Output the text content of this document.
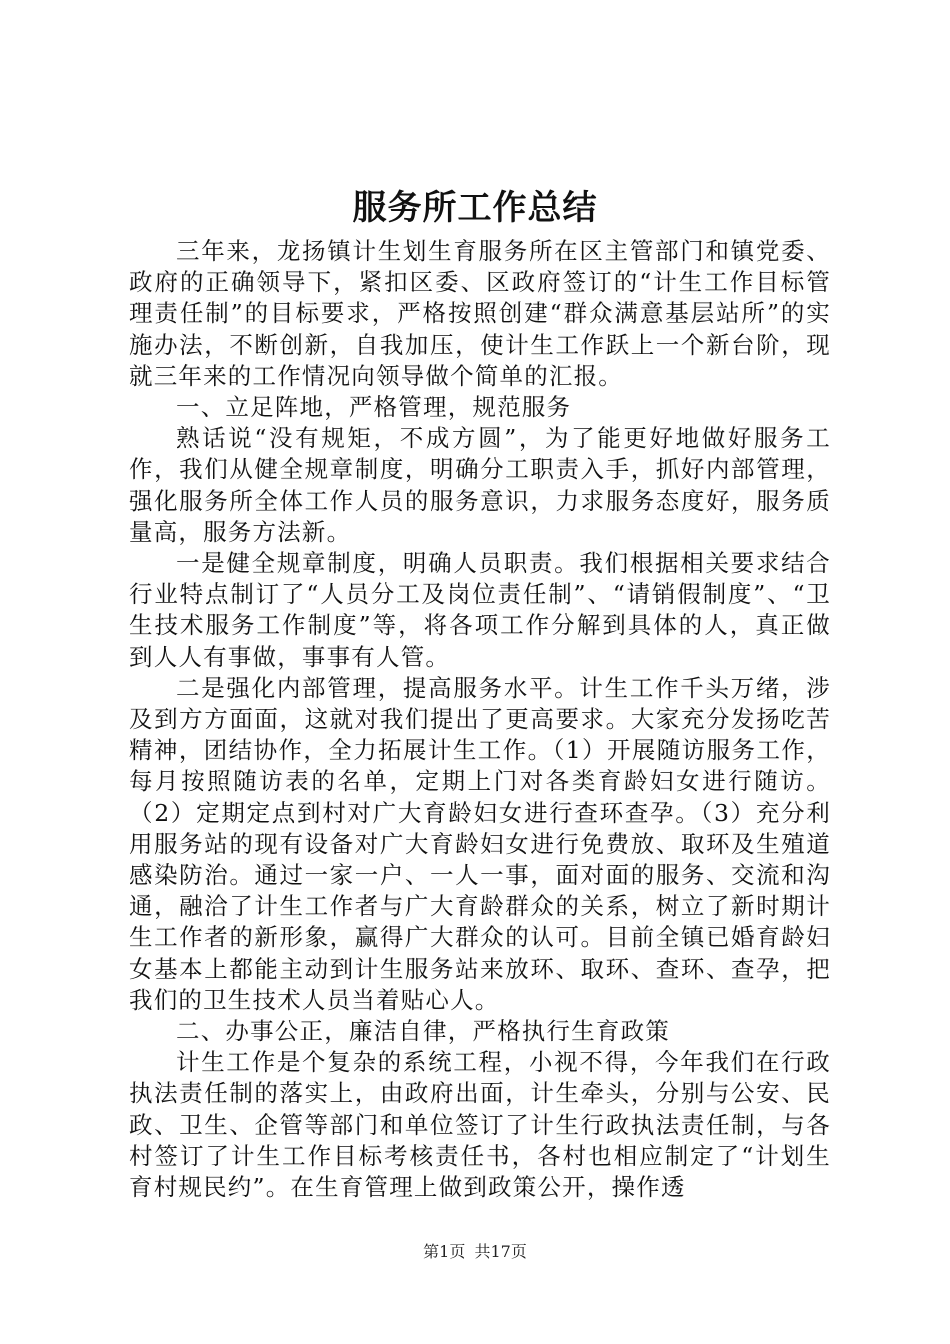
服务所工作总结

三年来，龙扬镇计生划生育服务所在区主管部门和镇党委、政府的正确领导下，紧扣区委、区政府签订的“计生工作目标管理责任制”的目标要求，严格按照创建“群众满意基层站所”的实施办法，不断创新，自我加压，使计生工作跃上一个新台阶，现就三年来的工作情况向领导做个简单的汇报。

一、立足阵地，严格管理，规范服务

熟话说“没有规矩，不成方圆”，为了能更好地做好服务工作，我们从健全规章制度，明确分工职责入手，抓好内部管理，强化服务所全体工作人员的服务意识，力求服务态度好，服务质量高，服务方法新。

一是健全规章制度，明确人员职责。我们根据相关要求结合行业特点制订了“人员分工及岗位责任制”、“请销假制度”、“卫生技术服务工作制度”等，将各项工作分解到具体的人，真正做到人人有事做，事事有人管。

二是强化内部管理，提高服务水平。计生工作千头万绪，涉及到方方面面，这就对我们提出了更高要求。大家充分发扬吃苦精神，团结协作，全力拓展计生工作。（1）开展随访服务工作，每月按照随访表的名单，定期上门对各类育龄妇女进行随访。（2）定期定点到村对广大育龄妇女进行查环查孕。（3）充分利用服务站的现有设备对广大育龄妇女进行免费放、取环及生殖道感染防治。通过一家一户、一人一事，面对面的服务、交流和沟通，融洽了计生工作者与广大育龄群众的关系，树立了新时期计生工作者的新形象，赢得广大群众的认可。目前全镇已婚育龄妇女基本上都能主动到计生服务站来放环、取环、查环、查孕，把我们的卫生技术人员当着贴心人。

二、办事公正，廉洁自律，严格执行生育政策

计生工作是个复杂的系统工程，小视不得，今年我们在行政执法责任制的落实上，由政府出面，计生牵头，分别与公安、民政、卫生、企管等部门和单位签订了计生行政执法责任制，与各村签订了计生工作目标考核责任书，各村也相应制定了“计划生育村规民约”。在生育管理上做到政策公开，操作透

第1页 共17页
